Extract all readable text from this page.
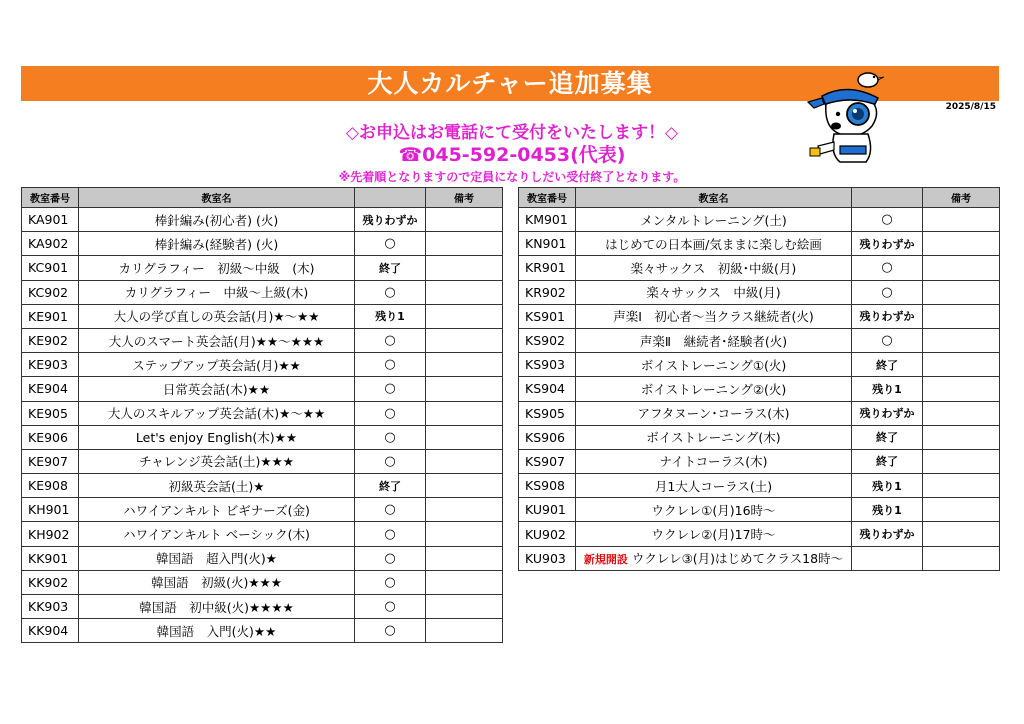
大人カルチャー追加募集
2025/8/15
◇お申込はお電話にて受付をいたします！◇
☎045-592-0453(代表)
※先着順となりますので定員になりしだい受付終了となります。
教室番号	教室名		備考
KA901	棒針編み(初心者) (火)	残りわずか	
KA902	棒針編み(経験者) (火)	○	
KC901	カリグラフィー　初級～中級　(木)	終了	
KC902	カリグラフィー　中級～上級(木)	○	
KE901	大人の学び直しの英会話(月)★～★★	残り1	
KE902	大人のスマート英会話(月)★★～★★★	○	
KE903	ステップアップ英会話(月)★★	○	
KE904	日常英会話(木)★★	○	
KE905	大人のスキルアップ英会話(木)★～★★	○	
KE906	Let's enjoy English(木)★★	○	
KE907	チャレンジ英会話(土)★★★	○	
KE908	初級英会話(土)★	終了	
KH901	ハワイアンキルト ビギナーズ(金)	○	
KH902	ハワイアンキルト ベーシック(木)	○	
KK901	韓国語　超入門(火)★	○	
KK902	韓国語　初級(火)★★★	○	
KK903	韓国語　初中級(火)★★★★	○	
KK904	韓国語　入門(火)★★	○	
教室番号	教室名		備考
KM901	メンタルトレーニング(土)	○	
KN901	はじめての日本画/気ままに楽しむ絵画	残りわずか	
KR901	楽々サックス　初級･中級(月)	○	
KR902	楽々サックス　中級(月)	○	
KS901	声楽Ⅰ　初心者～当クラス継続者(火)	残りわずか	
KS902	声楽Ⅱ　継続者･経験者(火)	○	
KS903	ボイストレーニング①(火)	終了	
KS904	ボイストレーニング②(火)	残り1	
KS905	アフタヌーン･コーラス(木)	残りわずか	
KS906	ボイストレーニング(木)	終了	
KS907	ナイトコーラス(木)	終了	
KS908	月1大人コーラス(土)	残り1	
KU901	ウクレレ①(月)16時～	残り1	
KU902	ウクレレ②(月)17時～	残りわずか	
KU903	新規開設 ウクレレ③(月)はじめてクラス18時～		
